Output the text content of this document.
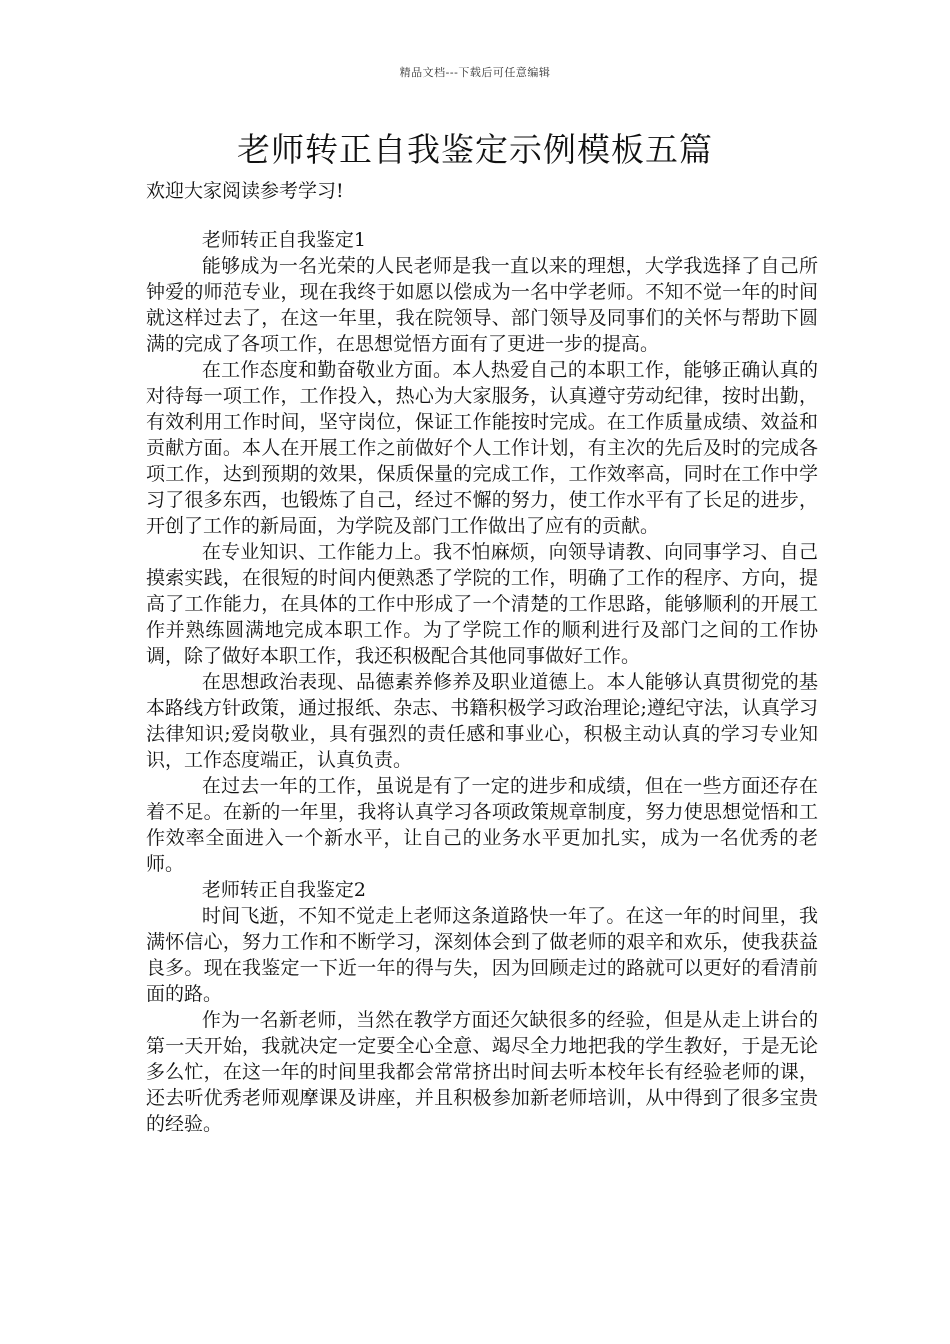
精品文档---下载后可任意编辑
老师转正自我鉴定示例模板五篇

欢迎大家阅读参考学习!

老师转正自我鉴定1

能够成为一名光荣的人民老师是我一直以来的理想，大学我选择了自己所钟爱的师范专业，现在我终于如愿以偿成为一名中学老师。不知不觉一年的时间就这样过去了，在这一年里，我在院领导、部门领导及同事们的关怀与帮助下圆满的完成了各项工作，在思想觉悟方面有了更进一步的提高。

在工作态度和勤奋敬业方面。本人热爱自己的本职工作，能够正确认真的对待每一项工作，工作投入，热心为大家服务，认真遵守劳动纪律，按时出勤，有效利用工作时间，坚守岗位，保证工作能按时完成。在工作质量成绩、效益和贡献方面。本人在开展工作之前做好个人工作计划，有主次的先后及时的完成各项工作，达到预期的效果，保质保量的完成工作，工作效率高，同时在工作中学习了很多东西，也锻炼了自己，经过不懈的努力，使工作水平有了长足的进步，开创了工作的新局面，为学院及部门工作做出了应有的贡献。

在专业知识、工作能力上。我不怕麻烦，向领导请教、向同事学习、自己摸索实践，在很短的时间内便熟悉了学院的工作，明确了工作的程序、方向，提高了工作能力，在具体的工作中形成了一个清楚的工作思路，能够顺利的开展工作并熟练圆满地完成本职工作。为了学院工作的顺利进行及部门之间的工作协调，除了做好本职工作，我还积极配合其他同事做好工作。

在思想政治表现、品德素养修养及职业道德上。本人能够认真贯彻党的基本路线方针政策，通过报纸、杂志、书籍积极学习政治理论;遵纪守法，认真学习法律知识;爱岗敬业，具有强烈的责任感和事业心，积极主动认真的学习专业知识，工作态度端正，认真负责。

在过去一年的工作，虽说是有了一定的进步和成绩，但在一些方面还存在着不足。在新的一年里，我将认真学习各项政策规章制度，努力使思想觉悟和工作效率全面进入一个新水平，让自己的业务水平更加扎实，成为一名优秀的老师。

老师转正自我鉴定2

时间飞逝，不知不觉走上老师这条道路快一年了。在这一年的时间里，我满怀信心，努力工作和不断学习，深刻体会到了做老师的艰辛和欢乐，使我获益良多。现在我鉴定一下近一年的得与失，因为回顾走过的路就可以更好的看清前面的路。

作为一名新老师，当然在教学方面还欠缺很多的经验，但是从走上讲台的第一天开始，我就决定一定要全心全意、竭尽全力地把我的学生教好，于是无论多么忙，在这一年的时间里我都会常常挤出时间去听本校年长有经验老师的课，还去听优秀老师观摩课及讲座，并且积极参加新老师培训，从中得到了很多宝贵的经验。
